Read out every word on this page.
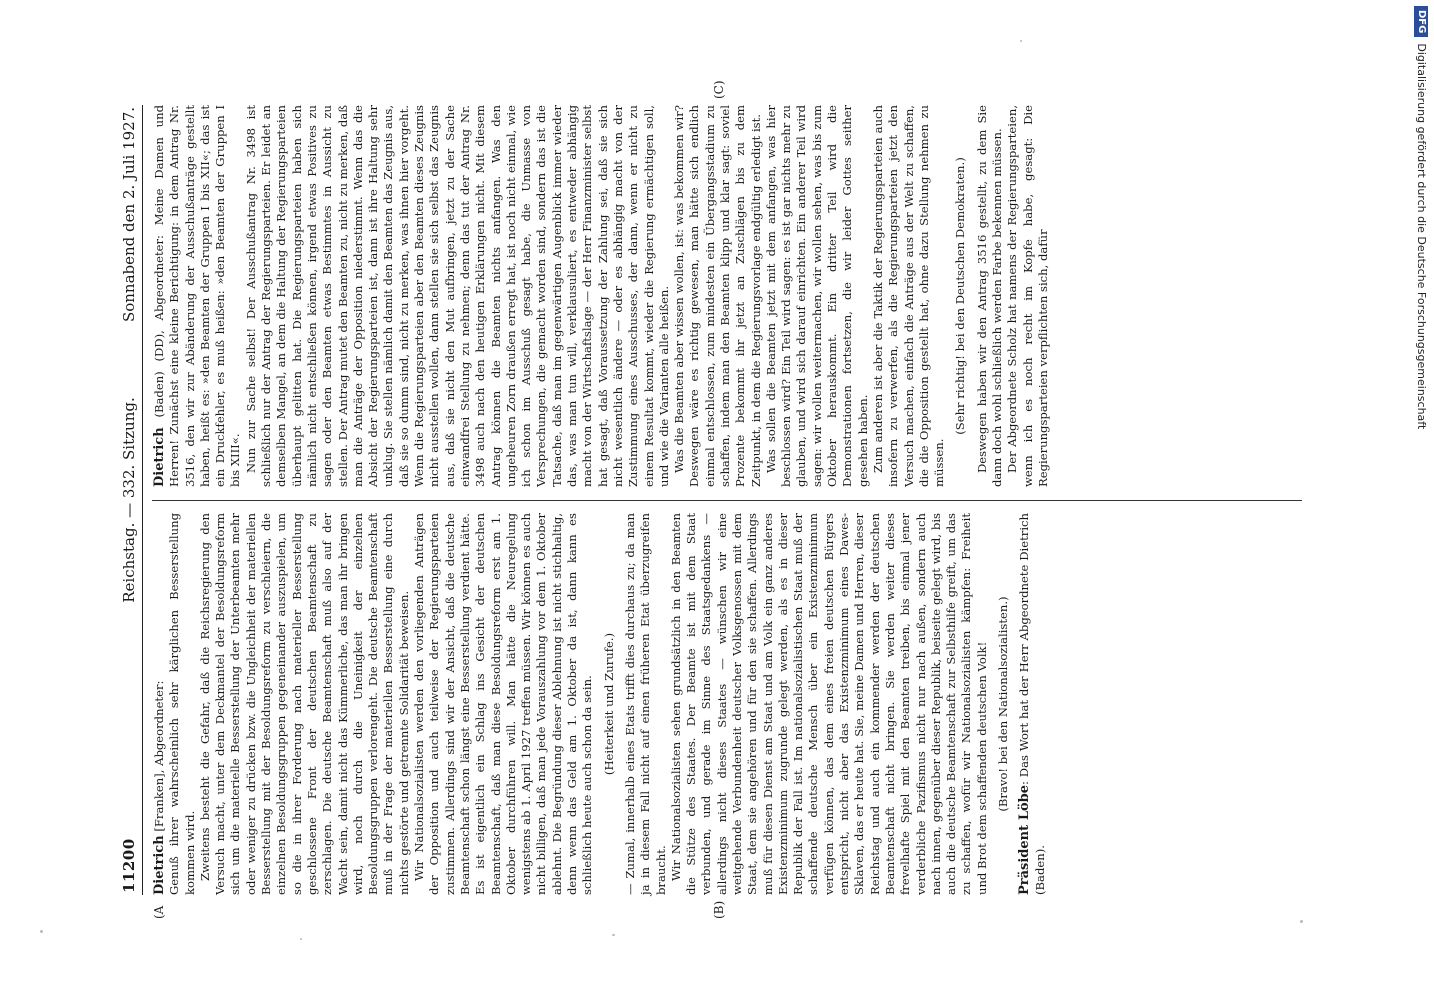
11200
Reichstag. — 332. Sitzung.
Sonnabend den 2. Juli 1927.
(A	(B)
(C)

Dietrich [Franken], Abgeordneter: Genuß ihrer wahrscheinlich sehr kärglichen Besserstellung kommen wird. Zweitens besteht die Gefahr, daß die Reichsregierung den Versuch macht, unter dem Deckmantel der Besoldungsreform sich um die materielle Besserstellung der Unterbeamten mehr oder weniger zu drücken bzw. die Ungleichheit der materiellen Besserstellung mit der Besoldungsreform zu verschleiern, die einzelnen Besoldungsgruppen gegeneinander auszuspielen, um so die in ihrer Forderung nach materieller Besserstellung geschlossene Front der deutschen Beamtenschaft zu zerschlagen. Die deutsche Beamtenschaft muß also auf der Wacht sein, damit nicht das Kümmerliche, das man ihr bringen wird, noch durch die Uneinigkeit der einzelnen Besoldungsgruppen verlorengeht. Die deutsche Beamtenschaft muß in der Frage der materiellen Besserstellung eine durch nichts gestörte und getrennte Solidarität beweisen. Wir Nationalsozialisten werden den vorliegenden Anträgen der Opposition und auch teilweise der Regierungsparteien zustimmen. Allerdings sind wir der Ansicht, daß die deutsche Beamtenschaft schon längst eine Besserstellung verdient hätte. Es ist eigentlich ein Schlag ins Gesicht der deutschen Beamtenschaft, daß man diese Besoldungsreform erst am 1. Oktober durchführen will. Man hätte die Neuregelung wenigstens ab 1. April 1927 treffen müssen. Wir können es auch nicht billigen, daß man jede Vorauszahlung vor dem 1. Oktober ablehnt. Die Begründung dieser Ablehnung ist nicht stichhaltig, denn wenn das Geld am 1. Oktober da ist, dann kann es schließlich heute auch schon da sein. (Heiterkeit und Zurufe.) — Zumal, innerhalb eines Etats trifft dies durchaus zu; da man ja in diesem Fall nicht auf einen früheren Etat überzugreifen braucht. Wir Nationalsozialisten sehen grundsätzlich in den Beamten die Stütze des Staates. Der Beamte ist mit dem Staat verbunden, und gerade im Sinne des Staatsgedankens — allerdings nicht dieses Staates — wünschen wir eine weitgehende Verbundenheit deutscher Volksgenossen mit dem Staat, dem sie angehören und für den sie schaffen. Allerdings muß für diesen Dienst am Staat und am Volk ein ganz anderes Existenzminimum zugrunde gelegt werden, als es in dieser Republik der Fall ist. Im nationalsozialistischen Staat muß der schaffende deutsche Mensch über ein Existenzminimum verfügen können, das dem eines freien deutschen Bürgers entspricht, nicht aber das Existenzminimum eines Dawes-Sklaven, das er heute hat. Sie, meine Damen und Herren, dieser Reichstag und auch ein kommender werden der deutschen Beamtenschaft nicht bringen. Sie werden weiter dieses frevelhafte Spiel mit den Beamten treiben, bis einmal jener verderbliche Pazifismus nicht nur nach außen, sondern auch nach innen, gegenüber dieser Republik, beiseite gelegt wird, bis auch die deutsche Beamtenschaft zur Selbsthilfe greift, um das zu schaffen, wofür wir Nationalsozialisten kämpfen: Freiheit und Brot dem schaffenden deutschen Volk! (Bravo! bei den Nationalsozialisten.)

Präsident Löbe: Das Wort hat der Herr Abgeordnete Dietrich (Baden).

Dietrich (Baden) (DD), Abgeordneter: Meine Damen und Herren! Zunächst eine kleine Berichtigung: in dem Antrag Nr. 3516, den wir zur Abänderung der Ausschußanträge gestellt haben, heißt es: »den Beamten der Gruppen I bis XII«; das ist ein Druckfehler, es muß heißen: »den Beamten der Gruppen I bis XIII«. Nun zur Sache selbst! Der Ausschußantrag Nr. 3498 ist schließlich nur der Antrag der Regierungsparteien. Er leidet an demselben Mangel, an dem die Haltung der Regierungsparteien überhaupt gelitten hat. Die Regierungsparteien haben sich nämlich nicht entschließen können, irgend etwas Positives zu sagen oder den Beamten etwas Bestimmtes in Aussicht zu stellen. Der Antrag mutet den Beamten zu, nicht zu merken, daß man die Anträge der Opposition niederstimmt. Wenn das die Absicht der Regierungsparteien ist, dann ist ihre Haltung sehr unklug. Sie stellen nämlich damit den Beamten das Zeugnis aus, daß sie so dumm sind, nicht zu merken, was ihnen hier vorgeht. Wenn die Regierungsparteien aber den Beamten dieses Zeugnis nicht ausstellen wollen, dann stellen sie sich selbst das Zeugnis aus, daß sie nicht den Mut aufbringen, jetzt zu der Sache einwandfrei Stellung zu nehmen; denn das tut der Antrag Nr. 3498 auch nach den heutigen Erklärungen nicht. Mit diesem Antrag können die Beamten nichts anfangen. Was den ungeheuren Zorn draußen erregt hat, ist noch nicht einmal, wie ich schon im Ausschuß gesagt habe, die Unmasse von Versprechungen, die gemacht worden sind, sondern das ist die Tatsache, daß man im gegenwärtigen Augenblick immer wieder das, was man tun will, verklausuliert, es entweder abhängig macht von der Wirtschaftslage — der Herr Finanzminister selbst hat gesagt, daß Voraussetzung der Zahlung sei, daß sie sich nicht wesentlich ändere — oder es abhängig macht von der Zustimmung eines Ausschusses, der dann, wenn er nicht zu einem Resultat kommt, wieder die Regierung ermächtigen soll, und wie die Varianten alle heißen. Was die Beamten aber wissen wollen, ist: was bekommen wir? Deswegen wäre es richtig gewesen, man hätte sich endlich einmal entschlossen, zum mindesten ein Übergangsstadium zu schaffen, indem man den Beamten klipp und klar sagt: soviel Prozente bekommt ihr jetzt an Zuschlägen bis zu dem Zeitpunkt, in dem die Regierungsvorlage endgültig erledigt ist. Was sollen die Beamten jetzt mit dem anfangen, was hier beschlossen wird? Ein Teil wird sagen: es ist gar nichts mehr zu glauben, und wird sich darauf einrichten. Ein anderer Teil wird sagen: wir wollen weitermachen, wir wollen sehen, was bis zum Oktober herauskommt. Ein dritter Teil wird die Demonstrationen fortsetzen, die wir leider Gottes seither gesehen haben. Zum anderen ist aber die Taktik der Regierungsparteien auch insofern zu verwerfen, als die Regierungsparteien jetzt den Versuch machen, einfach die Anträge aus der Welt zu schaffen, die die Opposition gestellt hat, ohne dazu Stellung nehmen zu müssen.

(Sehr richtig! bei den Deutschen Demokraten.) Deswegen haben wir den Antrag 3516 gestellt, zu dem Sie dann doch wohl schließlich werden Farbe bekennen müssen. Der Abgeordnete Scholz hat namens der Regierungsparteien, wenn ich es noch recht im Kopfe habe, gesagt: Die Regierungsparteien verpflichten sich, dafür

DFGDigitalisierung gefördert durch die Deutsche Forschungsgemeinschaft
